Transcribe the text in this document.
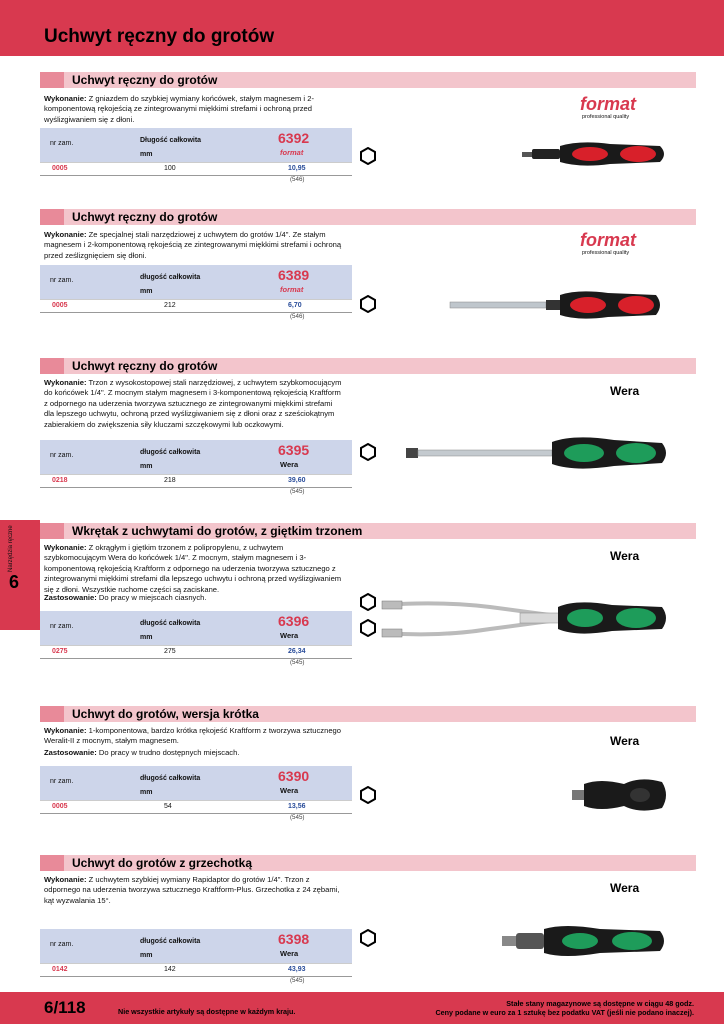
Uchwyt ręczny do grotów
6
Narzędzia ręczne
Uchwyt ręczny do grotów
Wykonanie: Z gniazdem do szybkiej wymiany końcówek, stałym magnesem i 2-komponentową rękojeścią ze zintegrowanymi miękkimi strefami i ochroną przed wyślizgiwaniem się z dłoni.
format
professional quality
nr zam.	Długość całkowita
mm
6392
format
0005	100	10,95
(546)
Uchwyt ręczny do grotów
Wykonanie: Ze specjalnej stali narzędziowej z uchwytem do grotów 1/4". Ze stałym magnesem i 2-komponentową rękojeścią ze zintegrowanymi miękkimi strefami i ochroną przed ześlizgnięciem się dłoni.
format
professional quality
nr zam.	długość całkowita
mm
6389
format
0005	212	6,70
(546)
Uchwyt ręczny do grotów
Wykonanie: Trzon z wysokostopowej stali narzędziowej, z uchwytem szybkomocującym do końcówek 1/4". Z mocnym stałym magnesem i 3-komponentową rękojeścią Kraftform z odpornego na uderzenia tworzywa sztucznego ze zintegrowanymi miękkimi strefami dla lepszego uchwytu, ochroną przed wyślizgiwaniem się z dłoni oraz z sześciokątnym zabierakiem do zwiększenia siły kluczami szczękowymi lub oczkowymi.
Wera
nr zam.	długość całkowita
mm
6395
Wera
0218	218	39,60
(545)
Wkrętak z uchwytami do grotów, z giętkim trzonem
Wykonanie: Z okrągłym i giętkim trzonem z polipropylenu, z uchwytem szybkomocującym Wera do końcówek 1/4". Z mocnym, stałym magnesem i 3-komponentową rękojeścią Kraftform z odpornego na uderzenia tworzywa sztucznego z zintegrowanymi miękkimi strefami dla lepszego uchwytu i ochroną przed wyślizgiwaniem się z dłoni. Wszystkie ruchome części są zaciskane.
Zastosowanie: Do pracy w miejscach ciasnych.
Wera
nr zam.	długość całkowita
mm
6396
Wera
0275	275	26,34
(545)
Uchwyt do grotów, wersja krótka
Wykonanie: 1-komponentowa, bardzo krótka rękojeść Kraftform z tworzywa sztucznego Weralit-II z mocnym, stałym magnesem.
Zastosowanie: Do pracy w trudno dostępnych miejscach.
Wera
nr zam.	długość całkowita
mm
6390
Wera
0005	54	13,56
(545)
Uchwyt do grotów z grzechotką
Wykonanie: Z uchwytem szybkiej wymiany Rapidaptor do grotów 1/4". Trzon z odpornego na uderzenia tworzywa sztucznego Kraftform-Plus. Grzechotka z 24 zębami, kąt wyzwalania 15°.
Wera
nr zam.	długość całkowita
mm
6398
Wera
0142	142	43,93
(545)
6/118	Nie wszystkie artykuły są dostępne w każdym kraju.
Stałe stany magazynowe są dostępne w ciągu 48 godz.
Ceny podane w euro za 1 sztukę bez podatku VAT (jeśli nie podano inaczej).
